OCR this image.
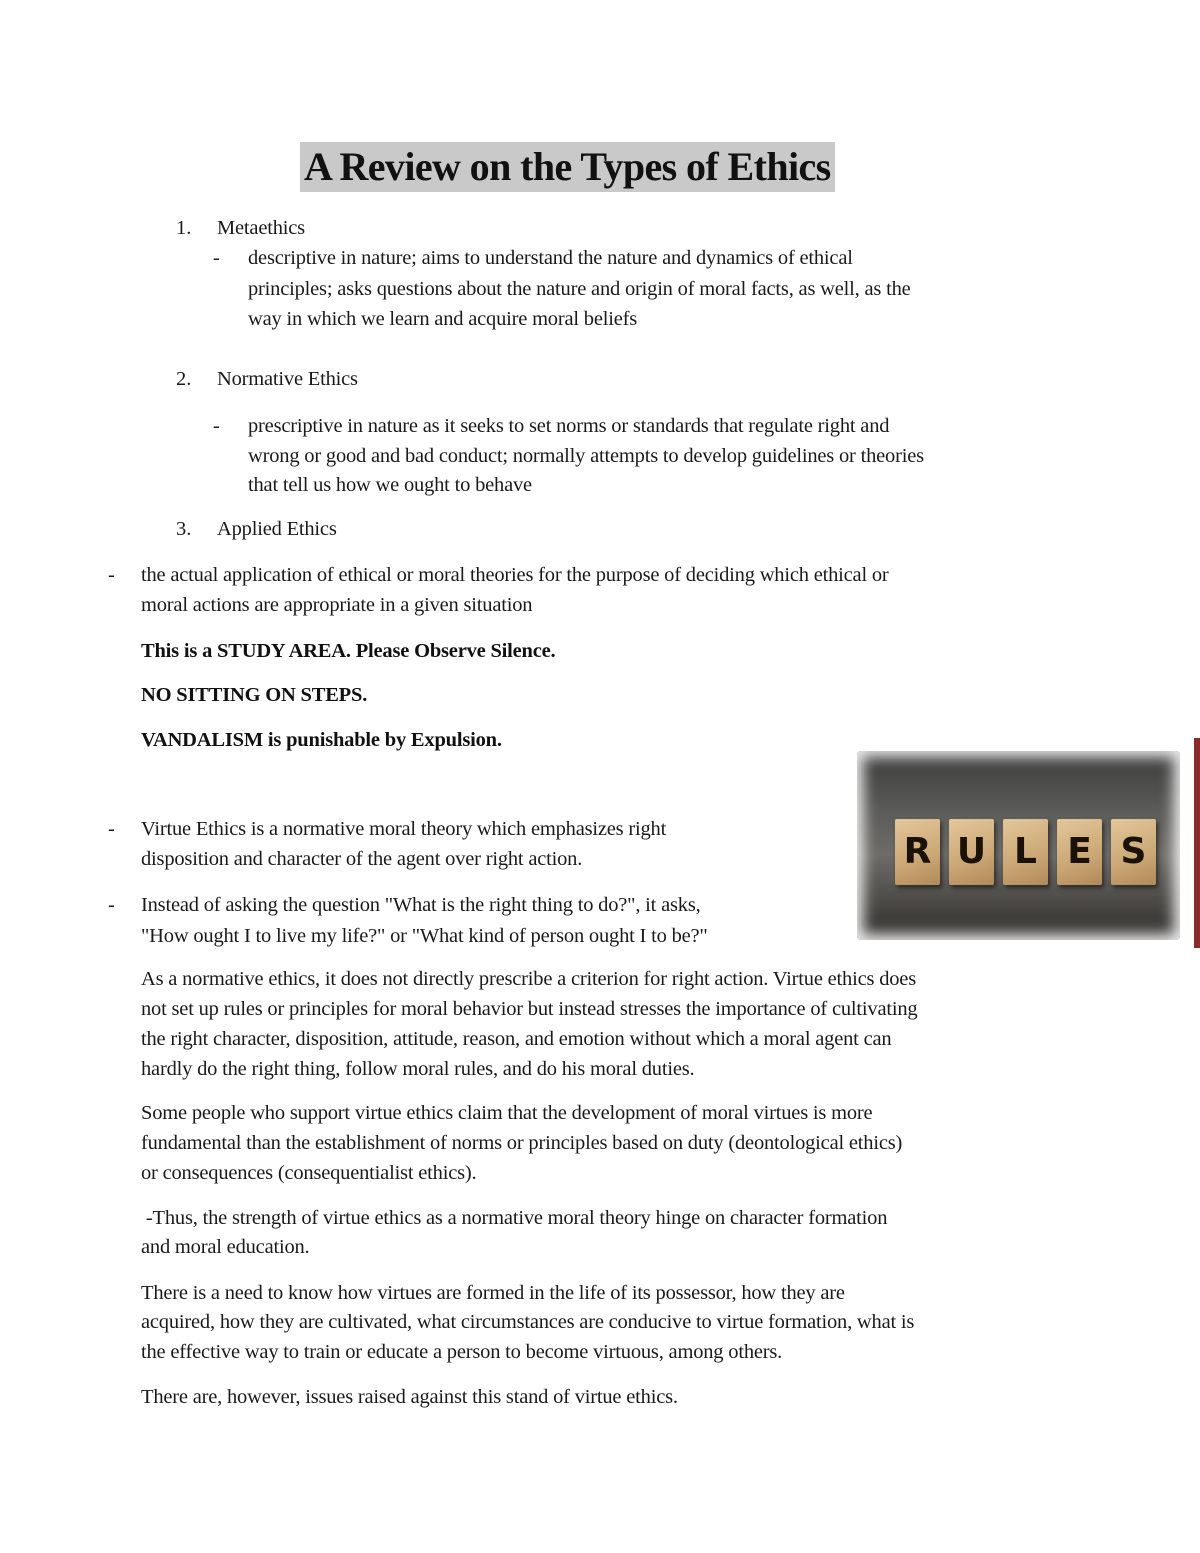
A Review on the Types of Ethics
1. Metaethics
- descriptive in nature; aims to understand the nature and dynamics of ethical
principles; asks questions about the nature and origin of moral facts, as well, as the
way in which we learn and acquire moral beliefs
2. Normative Ethics
- prescriptive in nature as it seeks to set norms or standards that regulate right and
wrong or good and bad conduct; normally attempts to develop guidelines or theories
that tell us how we ought to behave
3. Applied Ethics
- the actual application of ethical or moral theories for the purpose of deciding which ethical or
moral actions are appropriate in a given situation
This is a STUDY AREA. Please Observe Silence.
NO SITTING ON STEPS.
VANDALISM is punishable by Expulsion.
R U L E S
- Virtue Ethics is a normative moral theory which emphasizes right
disposition and character of the agent over right action.
- Instead of asking the question "What is the right thing to do?", it asks,
"How ought I to live my life?" or "What kind of person ought I to be?"
As a normative ethics, it does not directly prescribe a criterion for right action. Virtue ethics does
not set up rules or principles for moral behavior but instead stresses the importance of cultivating
the right character, disposition, attitude, reason, and emotion without which a moral agent can
hardly do the right thing, follow moral rules, and do his moral duties.
Some people who support virtue ethics claim that the development of moral virtues is more
fundamental than the establishment of norms or principles based on duty (deontological ethics)
or consequences (consequentialist ethics).
-Thus, the strength of virtue ethics as a normative moral theory hinge on character formation
and moral education.
There is a need to know how virtues are formed in the life of its possessor, how they are
acquired, how they are cultivated, what circumstances are conducive to virtue formation, what is
the effective way to train or educate a person to become virtuous, among others.
There are, however, issues raised against this stand of virtue ethics.
